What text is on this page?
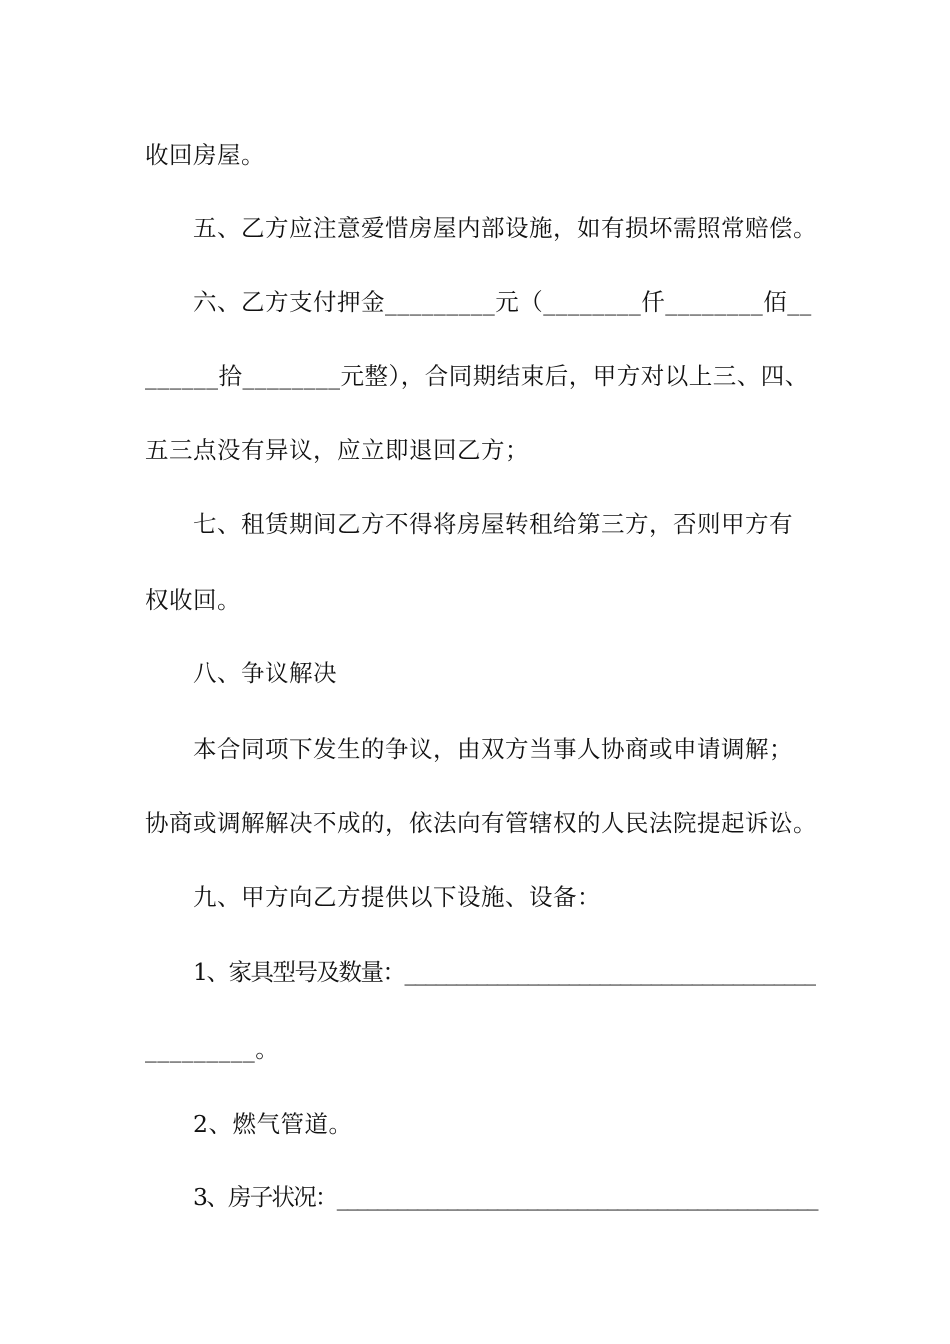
收回房屋。
五、乙方应注意爱惜房屋内部设施，如有损坏需照常赔偿。
六、乙方支付押金_________元（________仟________佰__
______拾________元整），合同期结束后，甲方对以上三、四、
五三点没有异议，应立即退回乙方；
七、租赁期间乙方不得将房屋转租给第三方，否则甲方有
权收回。
八、争议解决
本合同项下发生的争议，由双方当事人协商或申请调解；
协商或调解解决不成的，依法向有管辖权的人民法院提起诉讼。
九、甲方向乙方提供以下设施、设备：
1、家具型号及数量：________________________________________
_________。
2、燃气管道。
3、房子状况：________________________________________________
